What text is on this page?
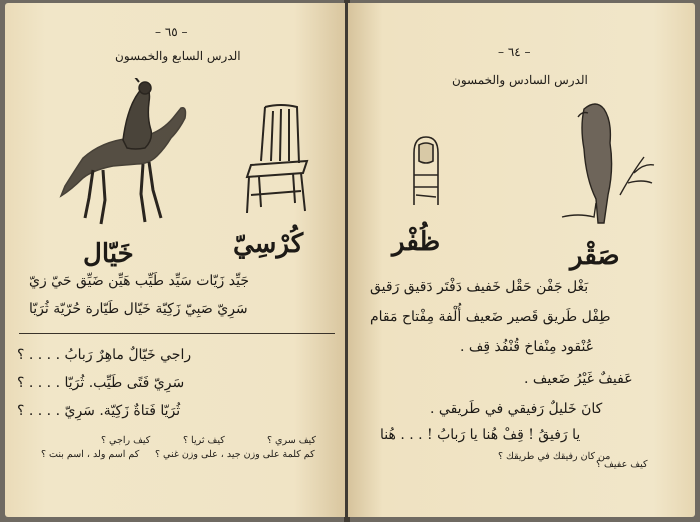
– ٦٥ –
الدرس السابع والخمسون
كُرْسِيّ
خَيّال
جَيِّد زَيّات سَيِّد طَيِّب هَيِّن ضَيِّق حَيّ زيّ
سَرِيّ صَبِيّ زَكِيّة خَيّال طَيّارة حُرّيّة ثُرَيّا
راجي خَيّالٌ ماهِرٌ رَبابُ . . . . ؟
سَرِيّ فَتًى طَيِّب. ثُرَيّا . . . . ؟
ثُرَيّا فَتاةٌ زَكِيّة. سَرِيّ . . . . ؟
كيف سري ؟
كم كلمة على وزن جيد ، على وزن غني ؟
كيف راجي ؟	كيف ثريا ؟
كم اسم ولد ، اسم بنت ؟
– ٦٤ –
الدرس السادس والخمسون
ظُفْر	صَقْر
بَغْل جَفْن حَقْل خَفيف دَفْتَر دَقيق رَقيق
طِفْل طَريق قَصير ضَعيف أُلْفة مِفْتاح مَقام
عُنْقود مِنْفاخ قُنْفُذ قِف .
عَفيفٌ غَيْرُ ضَعيف .
كانَ خَليلٌ رَفيقي في طَريقي .
يا رَفيقُ ! قِفْ هُنا يا رَبابُ ! . . . هُنا
كيف عفيف ؟
من كان رفيقك في طريقك ؟
